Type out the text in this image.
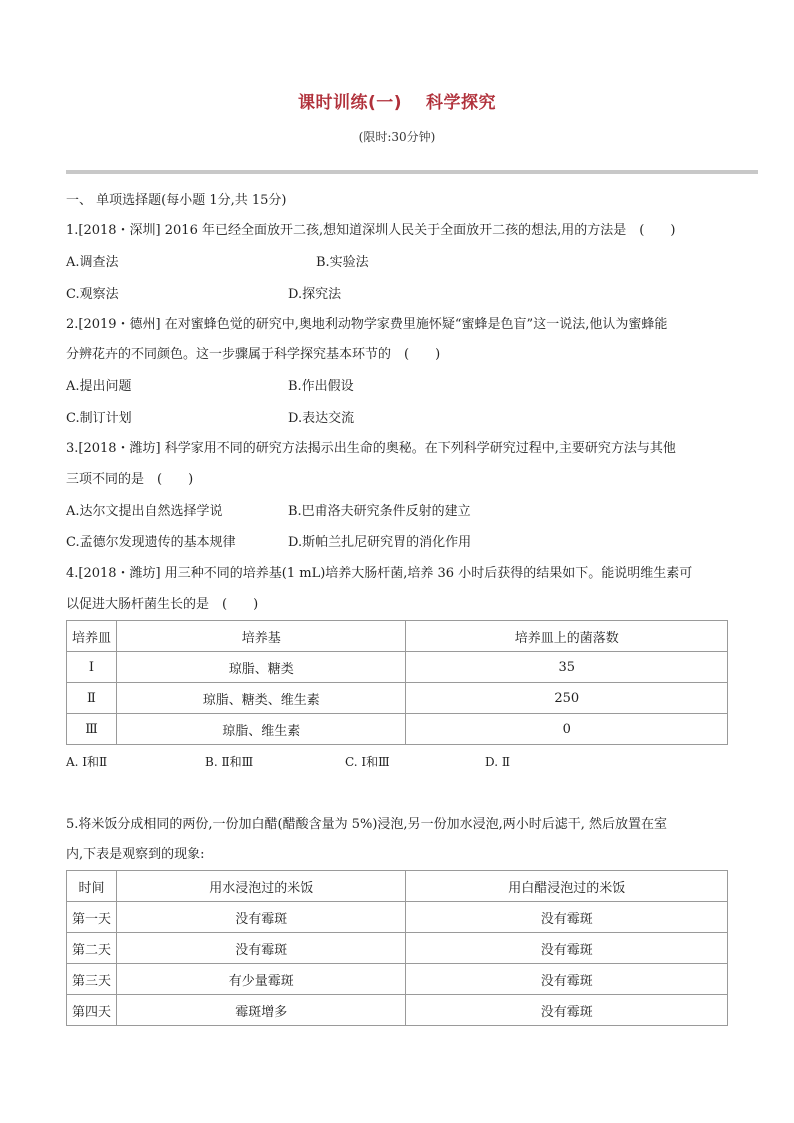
课时训练(一)　 科学探究
(限时:30分钟)
一、 单项选择题(每小题 1分,共 15分)
1.[2018・深圳] 2016 年已经全面放开二孩,想知道深圳人民关于全面放开二孩的想法,用的方法是　(　　)
A.调查法	B.实验法
C.观察法	D.探究法
2.[2019・德州] 在对蜜蜂色觉的研究中,奥地利动物学家费里施怀疑“蜜蜂是色盲”这一说法,他认为蜜蜂能
分辨花卉的不同颜色。这一步骤属于科学探究基本环节的　(　　)
A.提出问题	B.作出假设
C.制订计划	D.表达交流
3.[2018・潍坊] 科学家用不同的研究方法揭示出生命的奥秘。在下列科学研究过程中,主要研究方法与其他
三项不同的是　(　　)
A.达尔文提出自然选择学说	B.巴甫洛夫研究条件反射的建立
C.孟德尔发现遗传的基本规律	D.斯帕兰扎尼研究胃的消化作用
4.[2018・潍坊] 用三种不同的培养基(1 mL)培养大肠杆菌,培养 36 小时后获得的结果如下。能说明维生素可
以促进大肠杆菌生长的是　(　　)
培养皿	培养基	培养皿上的菌落数
Ⅰ	琼脂、糖类	35
Ⅱ	琼脂、糖类、维生素	250
Ⅲ	琼脂、维生素	0
A. Ⅰ和Ⅱ	B. Ⅱ和Ⅲ	C. Ⅰ和Ⅲ	D. Ⅱ
5.将米饭分成相同的两份,一份加白醋(醋酸含量为 5%)浸泡,另一份加水浸泡,两小时后滤干, 然后放置在室
内,下表是观察到的现象:
时间	用水浸泡过的米饭	用白醋浸泡过的米饭
第一天	没有霉斑	没有霉斑
第二天	没有霉斑	没有霉斑
第三天	有少量霉斑	没有霉斑
第四天	霉斑增多	没有霉斑
